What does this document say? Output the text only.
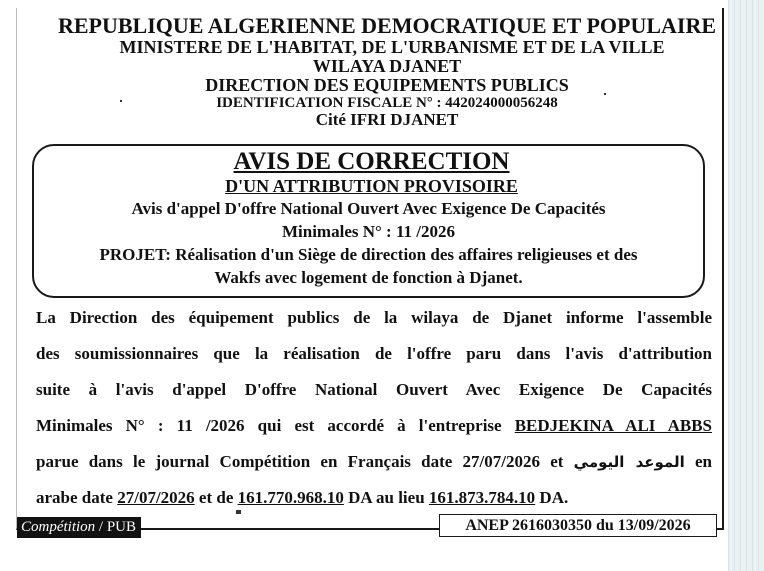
REPUBLIQUE ALGERIENNE DEMOCRATIQUE ET POPULAIRE
MINISTERE DE L'HABITAT, DE L'URBANISME ET DE LA VILLE
WILAYA DJANET
DIRECTION DES EQUIPEMENTS PUBLICS
IDENTIFICATION FISCALE N° : 442024000056248
Cité IFRI DJANET
AVIS DE CORRECTION
D'UN ATTRIBUTION PROVISOIRE
Avis d'appel D'offre National Ouvert Avec Exigence De Capacités
Minimales N° : 11 /2026
PROJET: Réalisation d'un Siège de direction des affaires religieuses et des
Wakfs avec logement de fonction à Djanet.
La Direction des équipement publics de la wilaya de Djanet informe l'assemble
des soumissionnaires que la réalisation de l'offre paru dans l'avis d'attribution
suite à l'avis d'appel D'offre National Ouvert Avec Exigence De Capacités
Minimales N° : 11 /2026 qui est accordé à l'entreprise BEDJEKINA ALI ABBS
parue dans le journal Compétition en Français date 27/07/2026 et الموعد اليومي en
arabe date 27/07/2026 et de 161.770.968.10 DA au lieu 161.873.784.10 DA.
Compétition / PUB	ANEP 2616030350 du 13/09/2026
